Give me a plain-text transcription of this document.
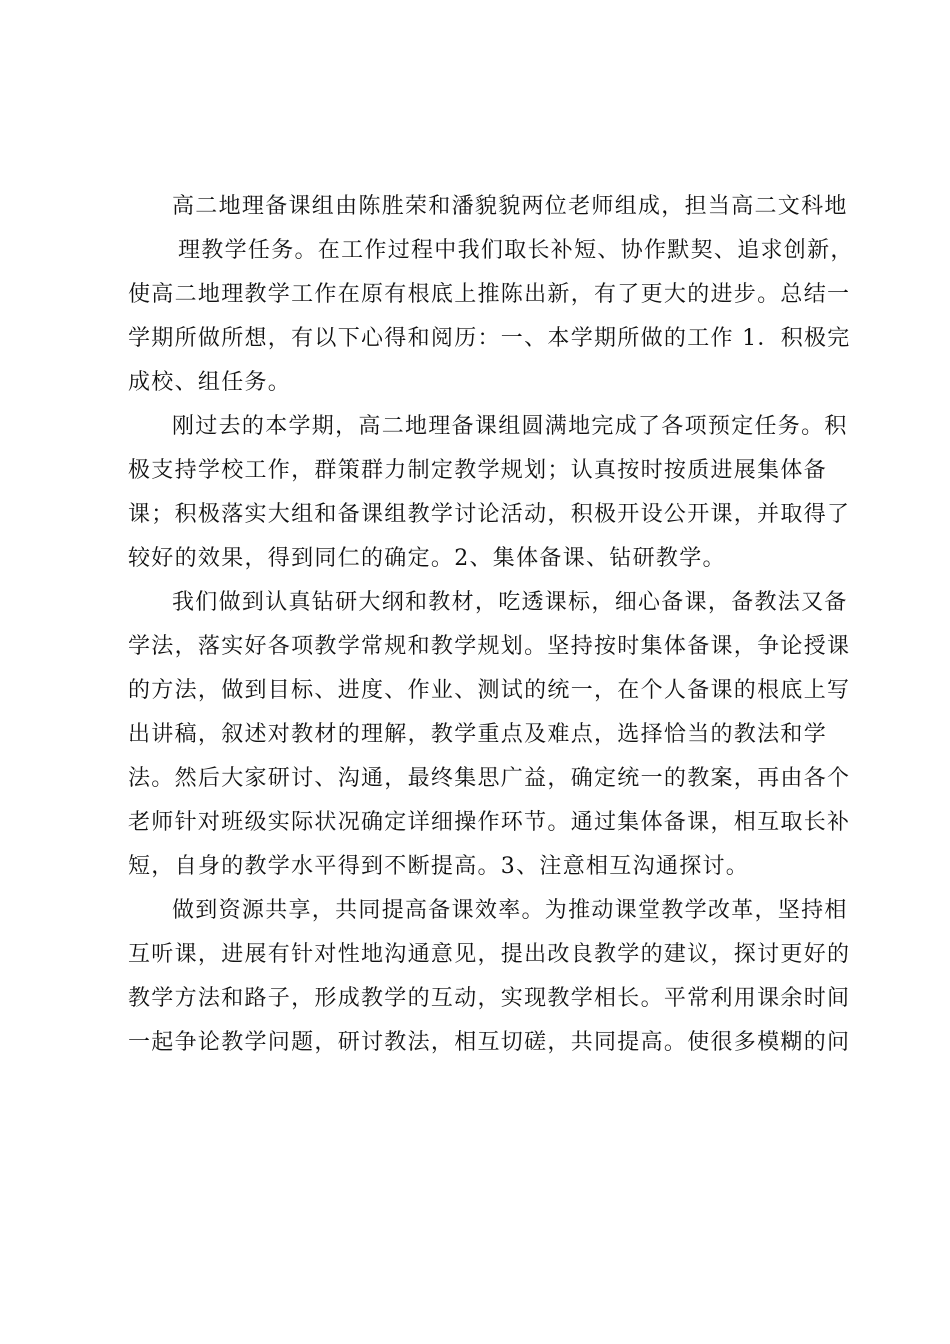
高二地理备课组由陈胜荣和潘貌貌两位老师组成，担当高二文科地
理教学任务。在工作过程中我们取长补短、协作默契、追求创新，
使高二地理教学工作在原有根底上推陈出新，有了更大的进步。总结一
学期所做所想，有以下心得和阅历：一、本学期所做的工作 1．积极完
成校、组任务。
刚过去的本学期，高二地理备课组圆满地完成了各项预定任务。积
极支持学校工作，群策群力制定教学规划；认真按时按质进展集体备
课；积极落实大组和备课组教学讨论活动，积极开设公开课，并取得了
较好的效果，得到同仁的确定。2、集体备课、钻研教学。
我们做到认真钻研大纲和教材，吃透课标，细心备课，备教法又备
学法，落实好各项教学常规和教学规划。坚持按时集体备课，争论授课
的方法，做到目标、进度、作业、测试的统一，在个人备课的根底上写
出讲稿，叙述对教材的理解，教学重点及难点，选择恰当的教法和学
法。然后大家研讨、沟通，最终集思广益，确定统一的教案，再由各个
老师针对班级实际状况确定详细操作环节。通过集体备课，相互取长补
短，自身的教学水平得到不断提高。3、注意相互沟通探讨。
做到资源共享，共同提高备课效率。为推动课堂教学改革，坚持相
互听课，进展有针对性地沟通意见，提出改良教学的建议，探讨更好的
教学方法和路子，形成教学的互动，实现教学相长。平常利用课余时间
一起争论教学问题，研讨教法，相互切磋，共同提高。使很多模糊的问
